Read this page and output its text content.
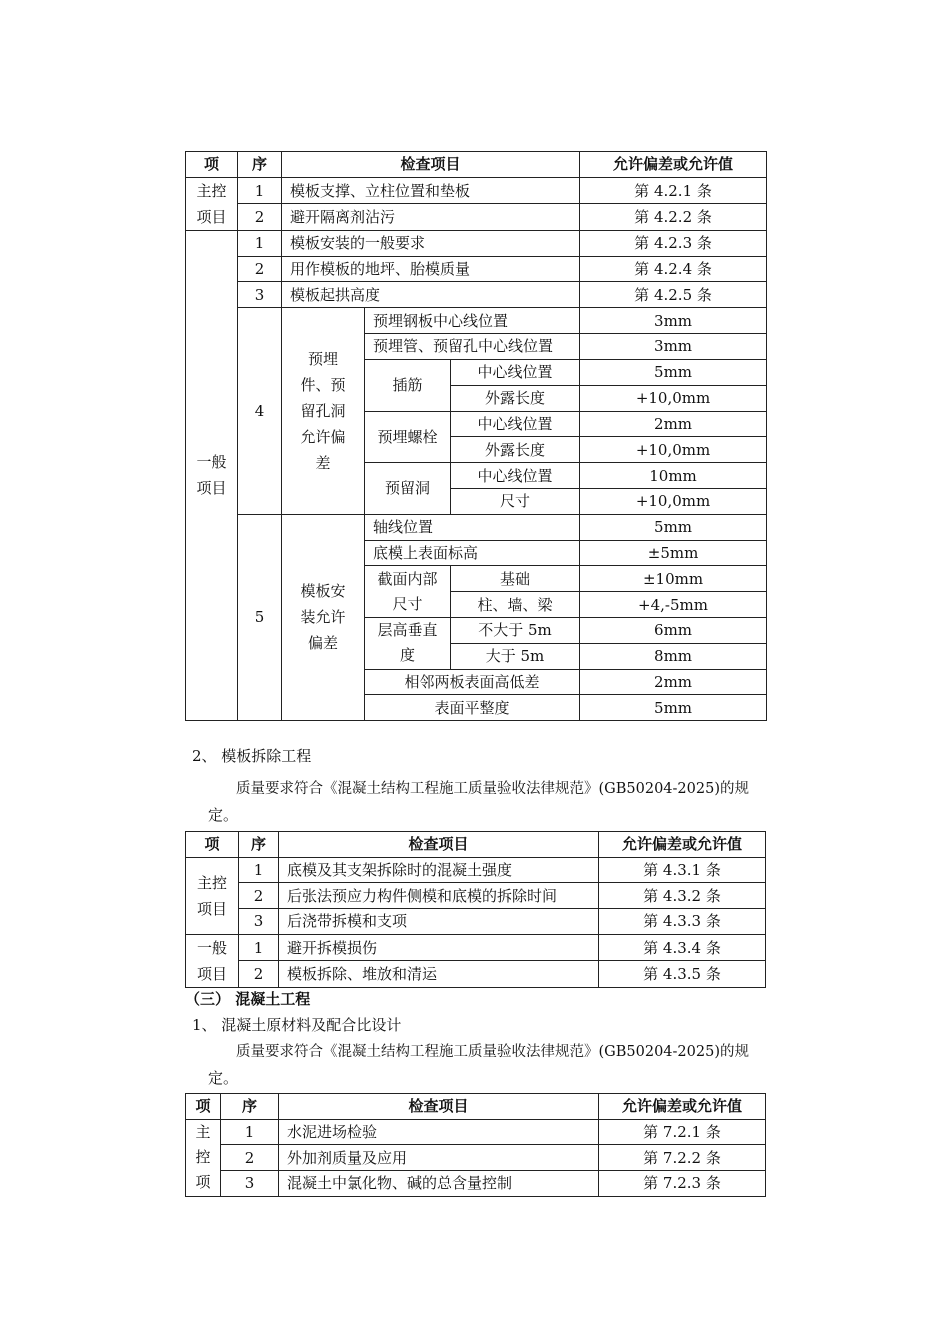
项	序	检查项目			允许偏差或允许值
主控项目	1	模板支撑、立柱位置和垫板			第 4.2.1 条
	2	避开隔离剂沾污			第 4.2.2 条
一般项目	1	模板安装的一般要求			第 4.2.3 条
	2	用作模板的地坪、胎模质量			第 4.2.4 条
	3	模板起拱高度			第 4.2.5 条
	4	预埋件、预留孔洞允许偏差	预埋钢板中心线位置		3mm
			预埋管、预留孔中心线位置		3mm

			插筋	中心线位置	5mm
				外露长度	+10,0mm
			预埋螺栓	中心线位置	2mm
				外露长度	+10,0mm
			预留洞	中心线位置	10mm
				尺寸	+10,0mm
	5	模板安装允许偏差	轴线位置		5mm
			底模上表面标高		±5mm
			截面内部尺寸	基础	±10mm
				柱、墙、梁	+4,-5mm
			层高垂直度	不大于 5m	6mm
				大于 5m	8mm
			相邻两板表面高低差		2mm
			表面平整度		5mm
2、 模板拆除工程
质量要求符合《混凝土结构工程施工质量验收法律规范》(GB50204-2025)的规
定。
项	序	检查项目	允许偏差或允许值
主控项目	1	底模及其支架拆除时的混凝土强度	第 4.3.1 条
	2	后张法预应力构件侧模和底模的拆除时间	第 4.3.2 条
	3	后浇带拆模和支项	第 4.3.3 条
一般项目	1	避开拆模损伤	第 4.3.4 条
	2	模板拆除、堆放和清运	第 4.3.5 条
（三） 混凝土工程
1、 混凝土原材料及配合比设计
质量要求符合《混凝土结构工程施工质量验收法律规范》(GB50204-2025)的规
定。
项	序	检查项目	允许偏差或允许值
主控项	1	水泥进场检验	第 7.2.1 条
	2	外加剂质量及应用	第 7.2.2 条
	3	混凝土中氯化物、碱的总含量控制	第 7.2.3 条
